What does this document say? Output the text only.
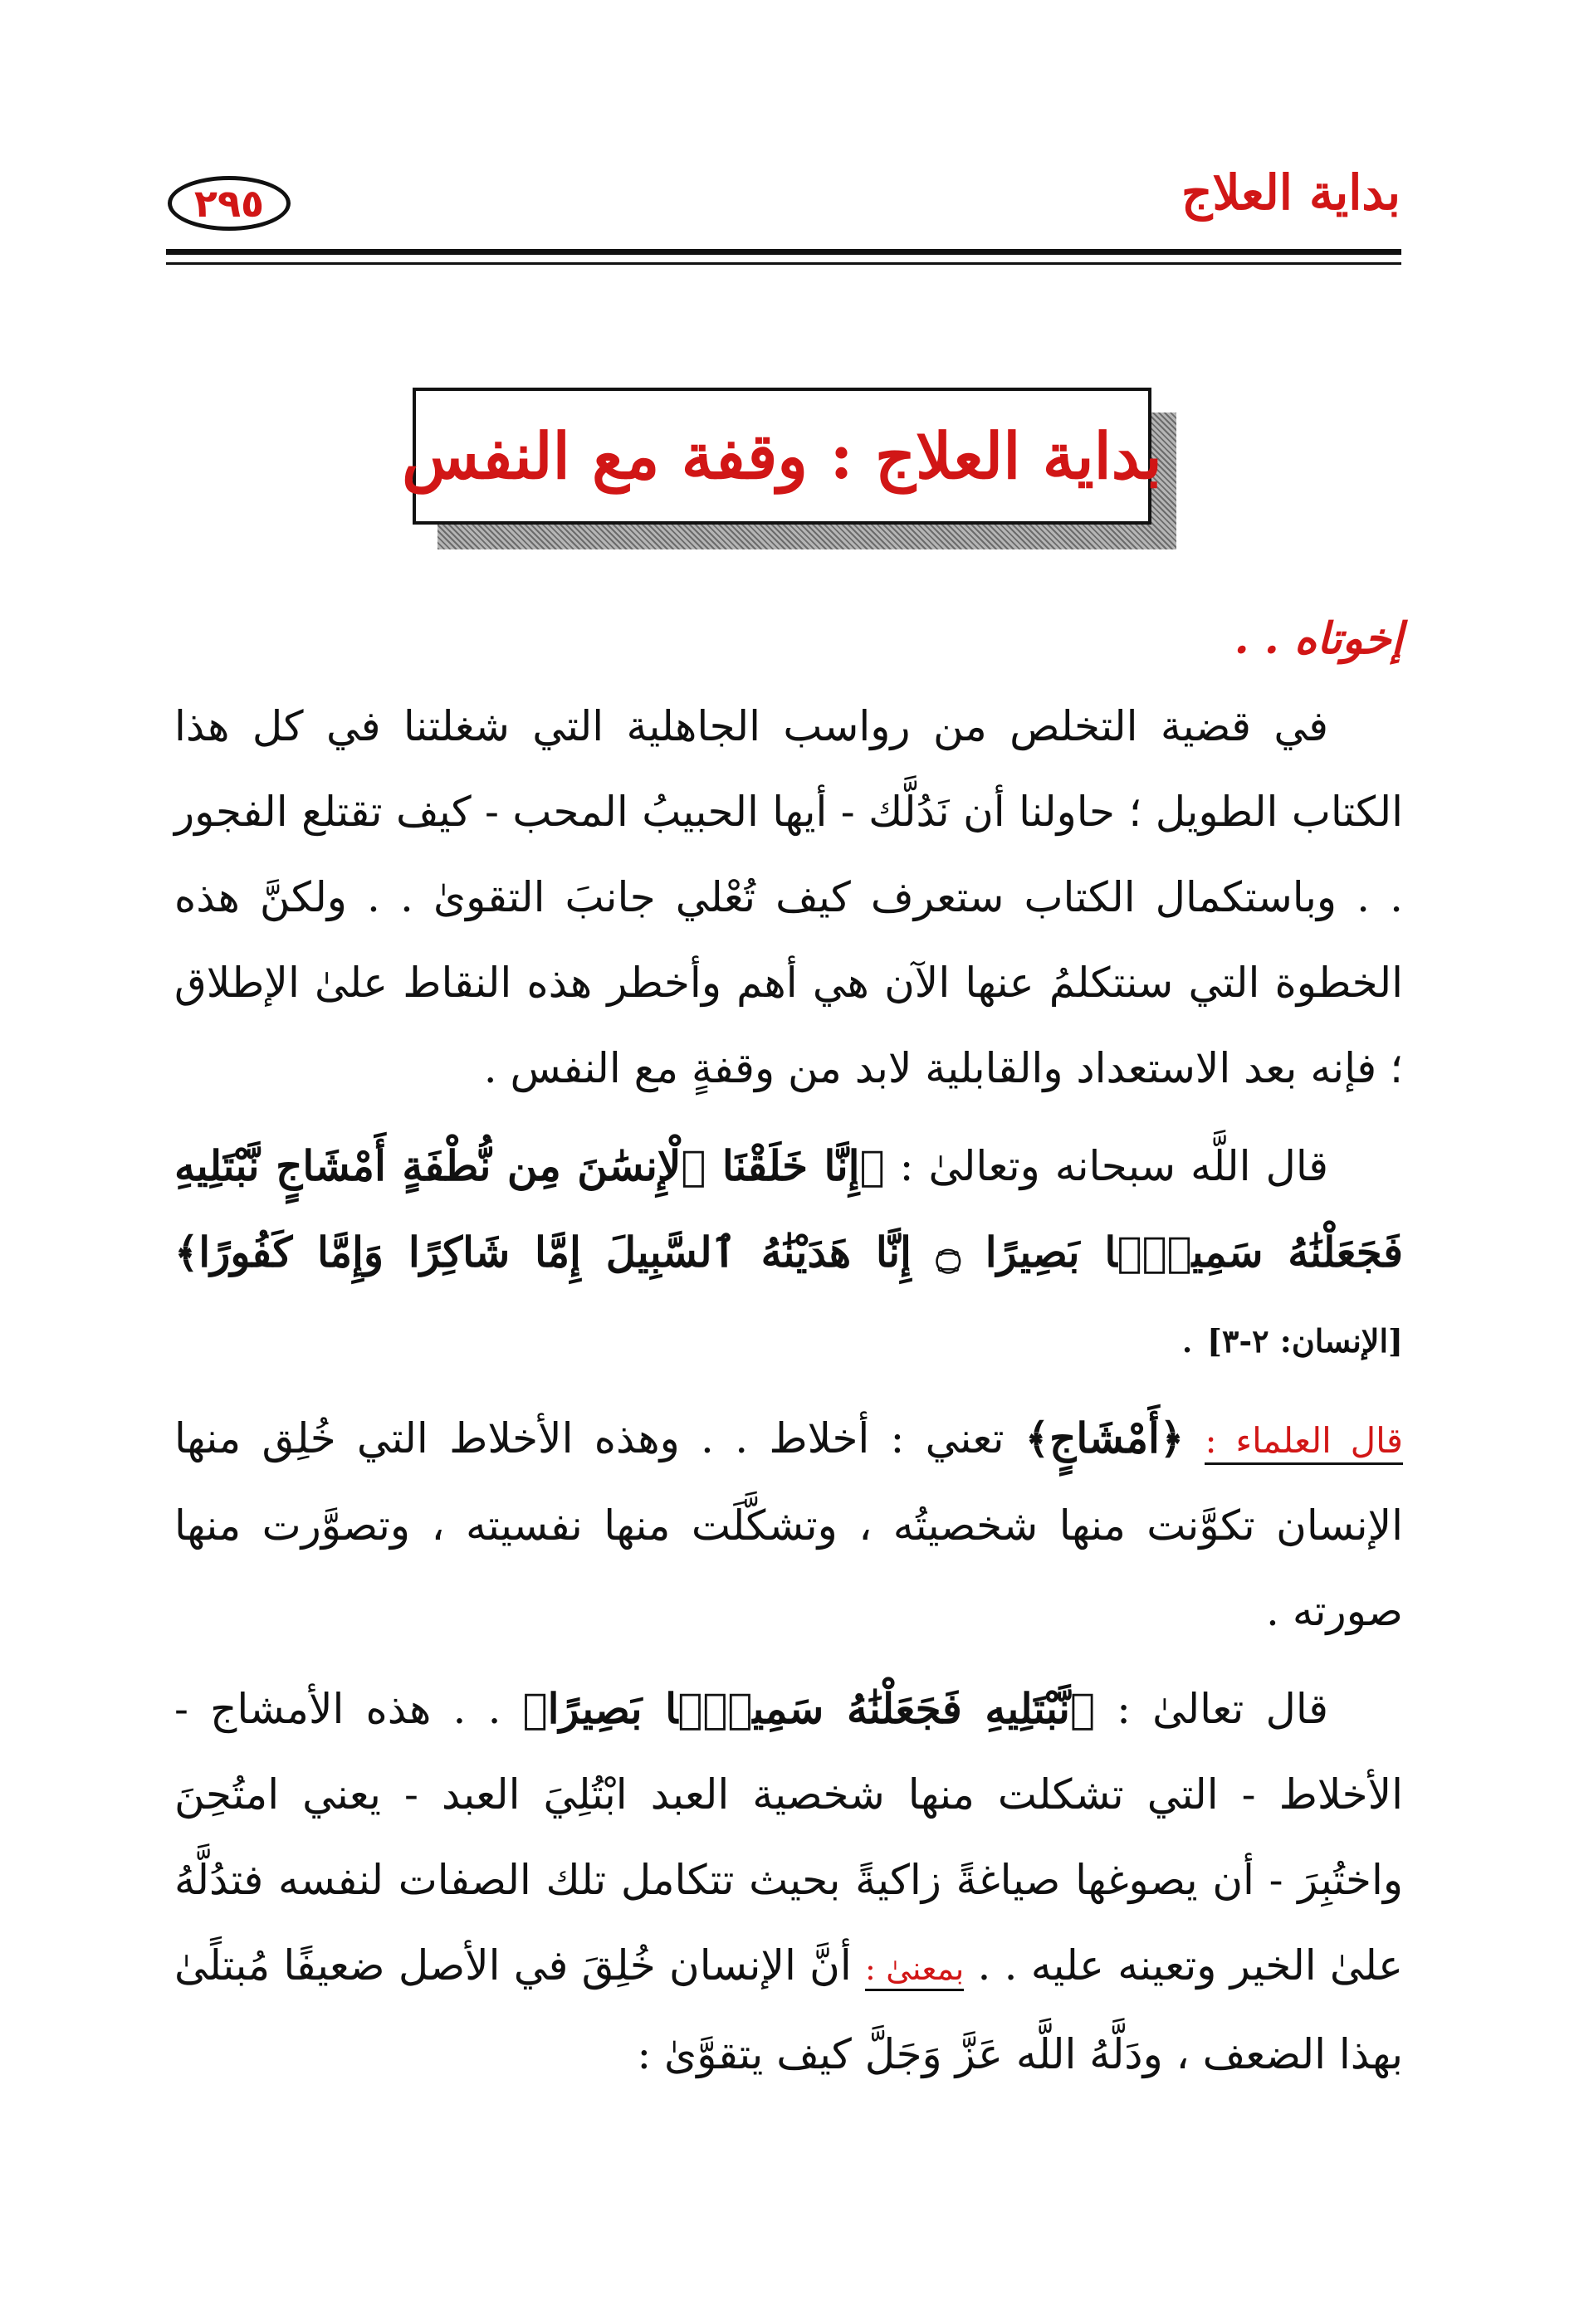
بداية العلاج
٢٩٥
بداية العلاج : وقفة مع النفس

إخوتاه . .

في قضية التخلص من رواسب الجاهلية التي شغلتنا في كل هذا الكتاب الطويل ؛ حاولنا أن نَدُلَّك - أيها الحبيبُ المحب - كيف تقتلع الفجور . . وباستكمال الكتاب ستعرف كيف تُعْلي جانبَ التقوىٰ . . ولكنَّ هذه الخطوة التي سنتكلمُ عنها الآن هي أهم وأخطر هذه النقاط علىٰ الإطلاق ؛ فإنه بعد الاستعداد والقابلية لابد من وقفةٍ مع النفس .

قال اللَّه سبحانه وتعالىٰ : ﴿إِنَّا خَلَقْنَا ٱلْإِنسَٰنَ مِن نُّطْفَةٍ أَمْشَاجٍ نَّبْتَلِيهِ فَجَعَلْنَٰهُ سَمِيعًۢا بَصِيرًا ۝ إِنَّا هَدَيْنَٰهُ ٱلسَّبِيلَ إِمَّا شَاكِرًا وَإِمَّا كَفُورًا﴾ [الإنسان: ٢-٣] .

قال العلماء : ﴿أَمْشَاجٍ﴾ تعني : أخلاط . . وهذه الأخلاط التي خُلِق منها الإنسان تكوَّنت منها شخصيتُه ، وتشكَّلَت منها نفسيته ، وتصوَّرت منها صورته .

قال تعالىٰ : ﴿نَّبْتَلِيهِ فَجَعَلْنَٰهُ سَمِيعًۢا بَصِيرًا﴾ . . هذه الأمشاج - الأخلاط - التي تشكلت منها شخصية العبد ابْتُلِيَ العبد - يعني امتُحِنَ واختُبِرَ - أن يصوغها صياغةً زاكيةً بحيث تتكامل تلك الصفات لنفسه فتدُلَّهُ علىٰ الخير وتعينه عليه . . بمعنىٰ : أنَّ الإنسان خُلِقَ في الأصل ضعيفًا مُبتلًىٰ بهذا الضعف ، ودَلَّهُ اللَّه عَزَّ وَجَلَّ كيف يتقوَّىٰ :
